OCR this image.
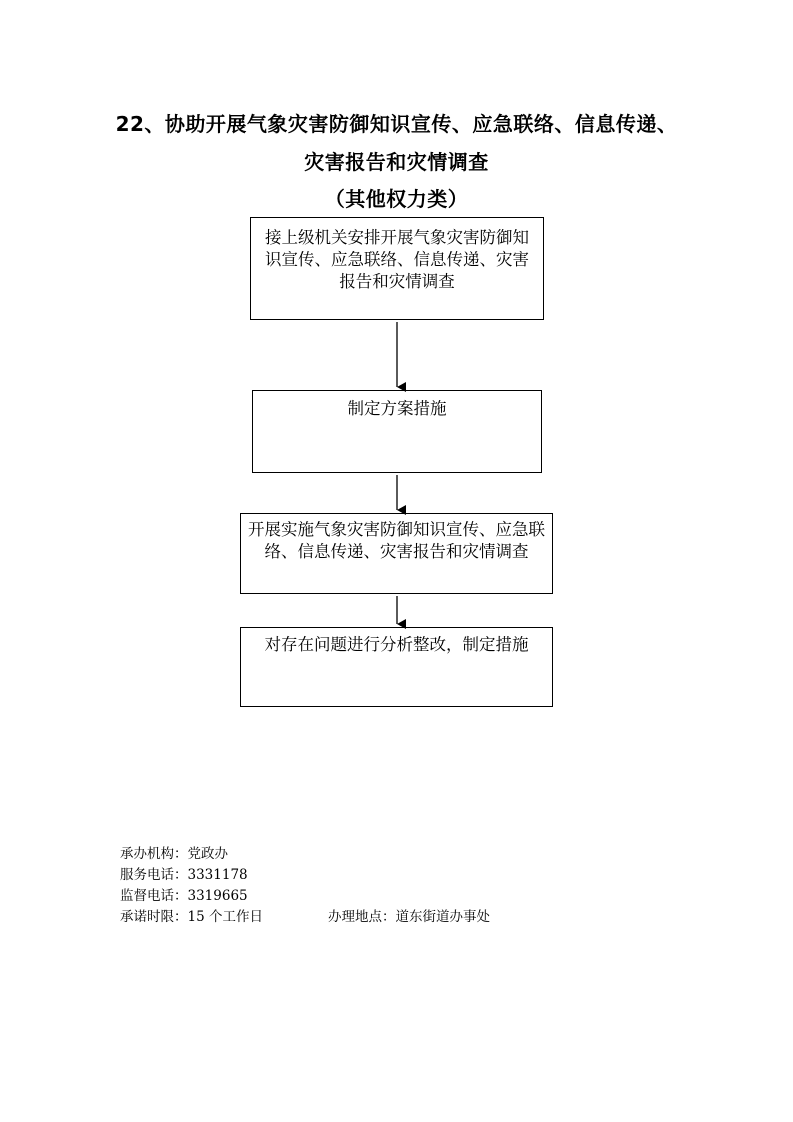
22、协助开展气象灾害防御知识宣传、应急联络、信息传递、
灾害报告和灾情调查
（其他权力类）
接上级机关安排开展气象灾害防御知识宣传、应急联络、信息传递、灾害报告和灾情调查
制定方案措施
开展实施气象灾害防御知识宣传、应急联络、信息传递、灾害报告和灾情调查
对存在问题进行分析整改，制定措施
承办机构：党政办
服务电话：3331178
监督电话：3319665
承诺时限：15 个工作日	办理地点：道东街道办事处
